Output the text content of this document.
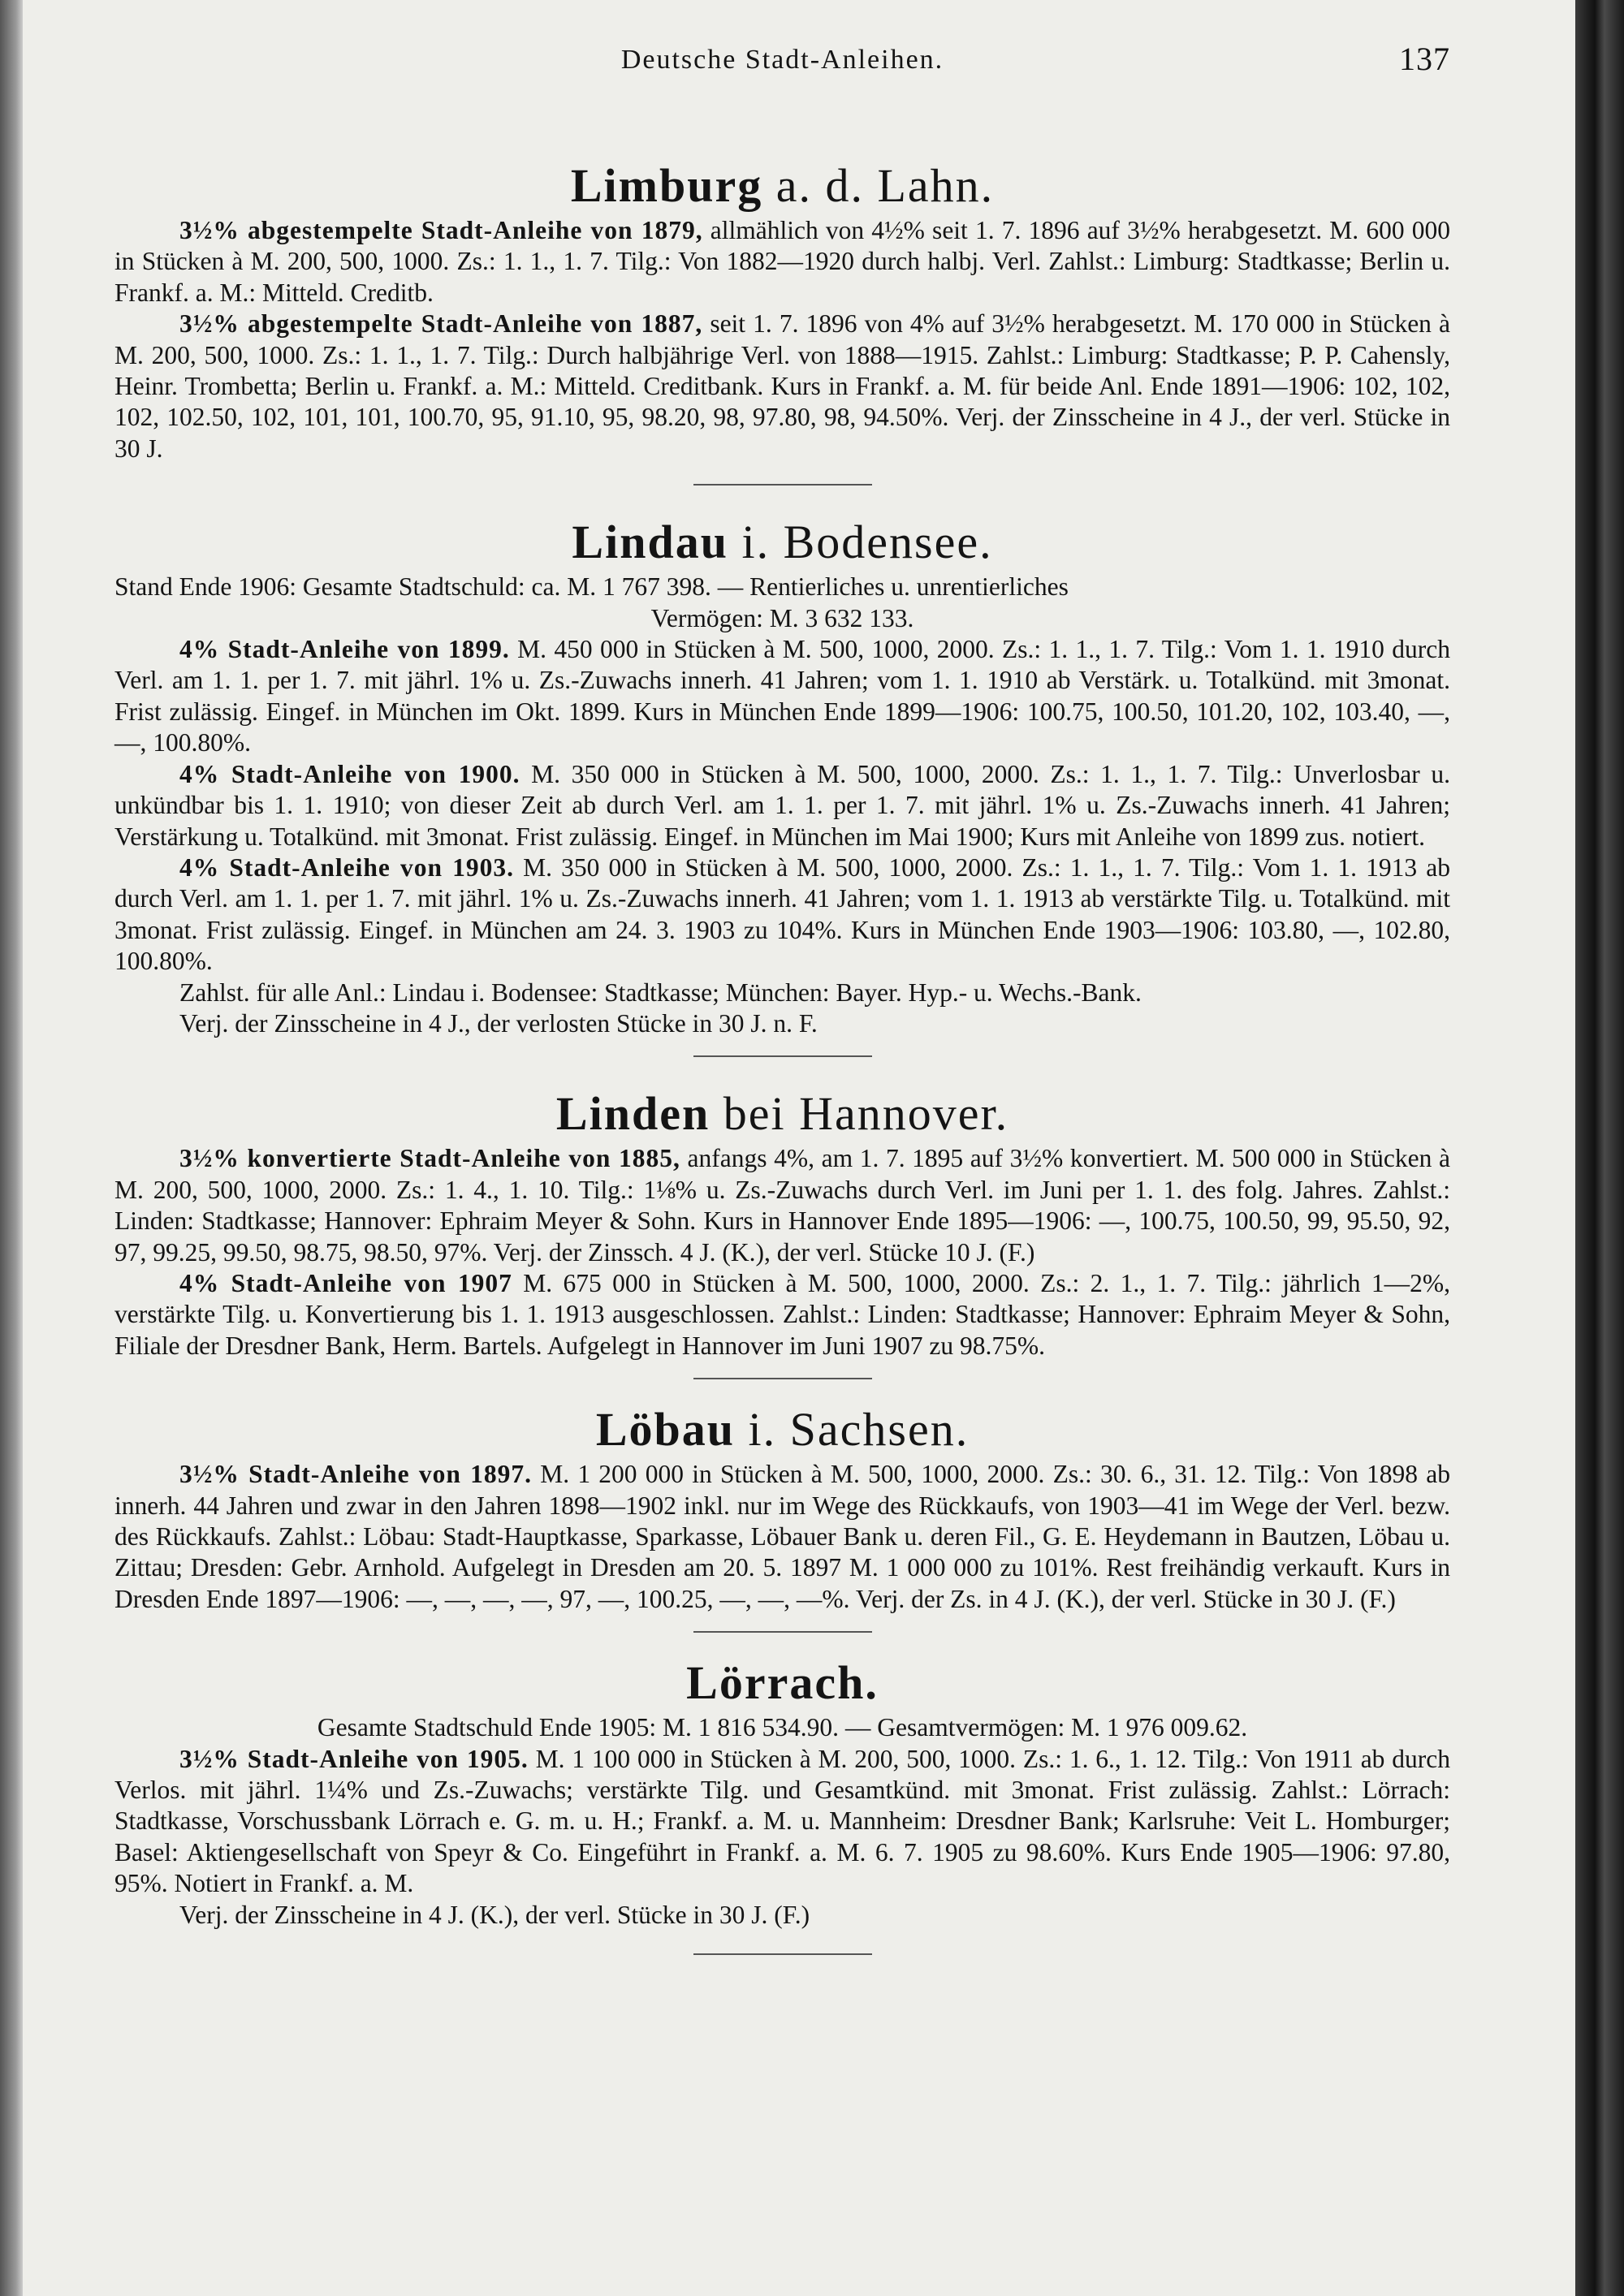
Deutsche Stadt-Anleihen.	137
Limburg a. d. Lahn.

3½% abgestempelte Stadt-Anleihe von 1879, allmählich von 4½% seit 1. 7. 1896 auf 3½% herabgesetzt. M. 600 000 in Stücken à M. 200, 500, 1000. Zs.: 1. 1., 1. 7. Tilg.: Von 1882—1920 durch halbj. Verl. Zahlst.: Limburg: Stadtkasse; Berlin u. Frankf. a. M.: Mitteld. Creditb.

3½% abgestempelte Stadt-Anleihe von 1887, seit 1. 7. 1896 von 4% auf 3½% herabgesetzt. M. 170 000 in Stücken à M. 200, 500, 1000. Zs.: 1. 1., 1. 7. Tilg.: Durch halbjährige Verl. von 1888—1915. Zahlst.: Limburg: Stadtkasse; P. P. Cahensly, Heinr. Trombetta; Berlin u. Frankf. a. M.: Mitteld. Creditbank. Kurs in Frankf. a. M. für beide Anl. Ende 1891—1906: 102, 102, 102, 102.50, 102, 101, 101, 100.70, 95, 91.10, 95, 98.20, 98, 97.80, 98, 94.50%. Verj. der Zinsscheine in 4 J., der verl. Stücke in 30 J.

Lindau i. Bodensee.

Stand Ende 1906: Gesamte Stadtschuld: ca. M. 1 767 398. — Rentierliches u. unrentierliches

Vermögen: M. 3 632 133.

4% Stadt-Anleihe von 1899. M. 450 000 in Stücken à M. 500, 1000, 2000. Zs.: 1. 1., 1. 7. Tilg.: Vom 1. 1. 1910 durch Verl. am 1. 1. per 1. 7. mit jährl. 1% u. Zs.-Zuwachs innerh. 41 Jahren; vom 1. 1. 1910 ab Verstärk. u. Totalkünd. mit 3monat. Frist zulässig. Eingef. in München im Okt. 1899. Kurs in München Ende 1899—1906: 100.75, 100.50, 101.20, 102, 103.40, —, —, 100.80%.

4% Stadt-Anleihe von 1900. M. 350 000 in Stücken à M. 500, 1000, 2000. Zs.: 1. 1., 1. 7. Tilg.: Unverlosbar u. unkündbar bis 1. 1. 1910; von dieser Zeit ab durch Verl. am 1. 1. per 1. 7. mit jährl. 1% u. Zs.-Zuwachs innerh. 41 Jahren; Verstärkung u. Totalkünd. mit 3monat. Frist zulässig. Eingef. in München im Mai 1900; Kurs mit Anleihe von 1899 zus. notiert.

4% Stadt-Anleihe von 1903. M. 350 000 in Stücken à M. 500, 1000, 2000. Zs.: 1. 1., 1. 7. Tilg.: Vom 1. 1. 1913 ab durch Verl. am 1. 1. per 1. 7. mit jährl. 1% u. Zs.-Zuwachs innerh. 41 Jahren; vom 1. 1. 1913 ab verstärkte Tilg. u. Totalkünd. mit 3monat. Frist zulässig. Eingef. in München am 24. 3. 1903 zu 104%. Kurs in München Ende 1903—1906: 103.80, —, 102.80, 100.80%.

Zahlst. für alle Anl.: Lindau i. Bodensee: Stadtkasse; München: Bayer. Hyp.- u. Wechs.-Bank.

Verj. der Zinsscheine in 4 J., der verlosten Stücke in 30 J. n. F.

Linden bei Hannover.

3½% konvertierte Stadt-Anleihe von 1885, anfangs 4%, am 1. 7. 1895 auf 3½% konvertiert. M. 500 000 in Stücken à M. 200, 500, 1000, 2000. Zs.: 1. 4., 1. 10. Tilg.: 1⅛% u. Zs.-Zuwachs durch Verl. im Juni per 1. 1. des folg. Jahres. Zahlst.: Linden: Stadtkasse; Hannover: Ephraim Meyer & Sohn. Kurs in Hannover Ende 1895—1906: —, 100.75, 100.50, 99, 95.50, 92, 97, 99.25, 99.50, 98.75, 98.50, 97%. Verj. der Zinssch. 4 J. (K.), der verl. Stücke 10 J. (F.)

4% Stadt-Anleihe von 1907 M. 675 000 in Stücken à M. 500, 1000, 2000. Zs.: 2. 1., 1. 7. Tilg.: jährlich 1—2%, verstärkte Tilg. u. Konvertierung bis 1. 1. 1913 ausgeschlossen. Zahlst.: Linden: Stadtkasse; Hannover: Ephraim Meyer & Sohn, Filiale der Dresdner Bank, Herm. Bartels. Aufgelegt in Hannover im Juni 1907 zu 98.75%.

Löbau i. Sachsen.

3½% Stadt-Anleihe von 1897. M. 1 200 000 in Stücken à M. 500, 1000, 2000. Zs.: 30. 6., 31. 12. Tilg.: Von 1898 ab innerh. 44 Jahren und zwar in den Jahren 1898—1902 inkl. nur im Wege des Rückkaufs, von 1903—41 im Wege der Verl. bezw. des Rückkaufs. Zahlst.: Löbau: Stadt-Hauptkasse, Sparkasse, Löbauer Bank u. deren Fil., G. E. Heydemann in Bautzen, Löbau u. Zittau; Dresden: Gebr. Arnhold. Aufgelegt in Dresden am 20. 5. 1897 M. 1 000 000 zu 101%. Rest freihändig verkauft. Kurs in Dresden Ende 1897—1906: —, —, —, —, 97, —, 100.25, —, —, —%. Verj. der Zs. in 4 J. (K.), der verl. Stücke in 30 J. (F.)

Lörrach.

Gesamte Stadtschuld Ende 1905: M. 1 816 534.90. — Gesamtvermögen: M. 1 976 009.62.

3½% Stadt-Anleihe von 1905. M. 1 100 000 in Stücken à M. 200, 500, 1000. Zs.: 1. 6., 1. 12. Tilg.: Von 1911 ab durch Verlos. mit jährl. 1¼% und Zs.-Zuwachs; verstärkte Tilg. und Gesamtkünd. mit 3monat. Frist zulässig. Zahlst.: Lörrach: Stadtkasse, Vorschussbank Lörrach e. G. m. u. H.; Frankf. a. M. u. Mannheim: Dresdner Bank; Karlsruhe: Veit L. Homburger; Basel: Aktiengesellschaft von Speyr & Co. Eingeführt in Frankf. a. M. 6. 7. 1905 zu 98.60%. Kurs Ende 1905—1906: 97.80, 95%. Notiert in Frankf. a. M.

Verj. der Zinsscheine in 4 J. (K.), der verl. Stücke in 30 J. (F.)
